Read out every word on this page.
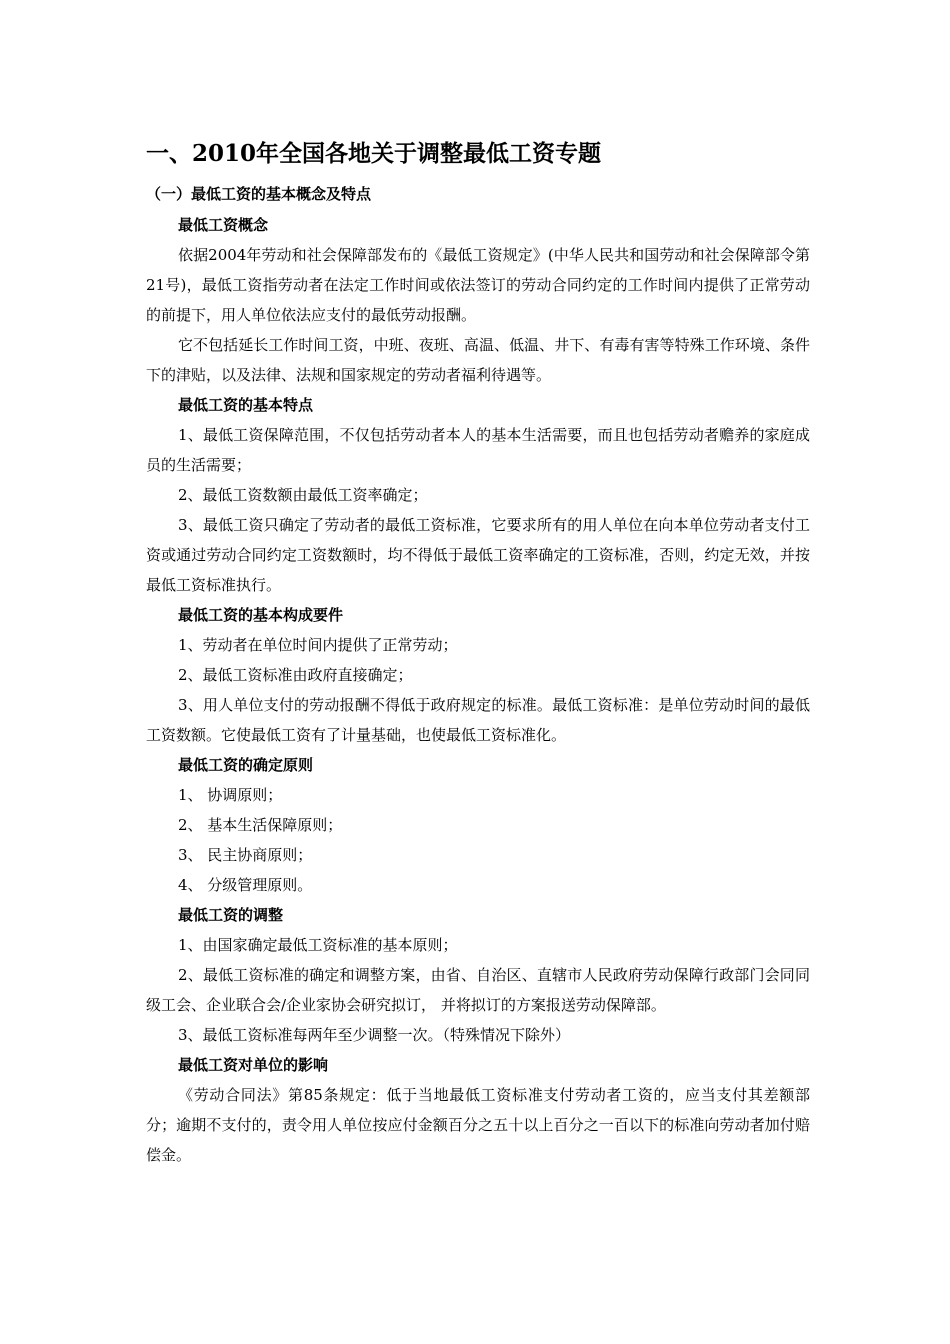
一、2010年全国各地关于调整最低工资专题
（一）最低工资的基本概念及特点
最低工资概念

依据2004年劳动和社会保障部发布的《最低工资规定》(中华人民共和国劳动和社会保障部令第21号)，最低工资指劳动者在法定工作时间或依法签订的劳动合同约定的工作时间内提供了正常劳动的前提下，用人单位依法应支付的最低劳动报酬。

它不包括延长工作时间工资，中班、夜班、高温、低温、井下、有毒有害等特殊工作环境、条件下的津贴，以及法律、法规和国家规定的劳动者福利待遇等。

最低工资的基本特点

1、最低工资保障范围，不仅包括劳动者本人的基本生活需要，而且也包括劳动者赡养的家庭成员的生活需要；

2、最低工资数额由最低工资率确定；

3、最低工资只确定了劳动者的最低工资标准，它要求所有的用人单位在向本单位劳动者支付工资或通过劳动合同约定工资数额时，均不得低于最低工资率确定的工资标准，否则，约定无效，并按最低工资标准执行。

最低工资的基本构成要件

1、劳动者在单位时间内提供了正常劳动；

2、最低工资标准由政府直接确定；

3、用人单位支付的劳动报酬不得低于政府规定的标准。最低工资标准：是单位劳动时间的最低工资数额。它使最低工资有了计量基础，也使最低工资标准化。

最低工资的确定原则

1、 协调原则；

2、 基本生活保障原则；

3、 民主协商原则；

4、 分级管理原则。

最低工资的调整

1、由国家确定最低工资标准的基本原则；

2、最低工资标准的确定和调整方案，由省、自治区、直辖市人民政府劳动保障行政部门会同同级工会、企业联合会/企业家协会研究拟订， 并将拟订的方案报送劳动保障部。

3、最低工资标准每两年至少调整一次。（特殊情况下除外）

最低工资对单位的影响

《劳动合同法》第85条规定：低于当地最低工资标准支付劳动者工资的，应当支付其差额部分；逾期不支付的，责令用人单位按应付金额百分之五十以上百分之一百以下的标准向劳动者加付赔偿金。
